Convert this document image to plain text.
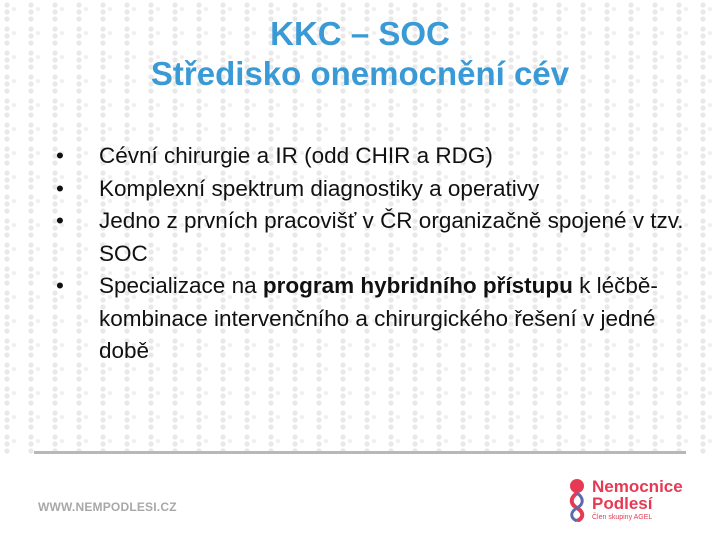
KKC – SOC
Středisko onemocnění cév
• Cévní chirurgie a IR (odd CHIR a RDG)
• Komplexní spektrum diagnostiky a operativy
• Jedno z prvních pracovišť v ČR organizačně spojené v tzv. SOC
• Specializace na program hybridního přístupu k léčbě-kombinace intervenčního a chirurgického řešení v jedné době
WWW.NEMPODLESI.CZ
Nemocnice
Podlesí
Člen skupiny AGEL
